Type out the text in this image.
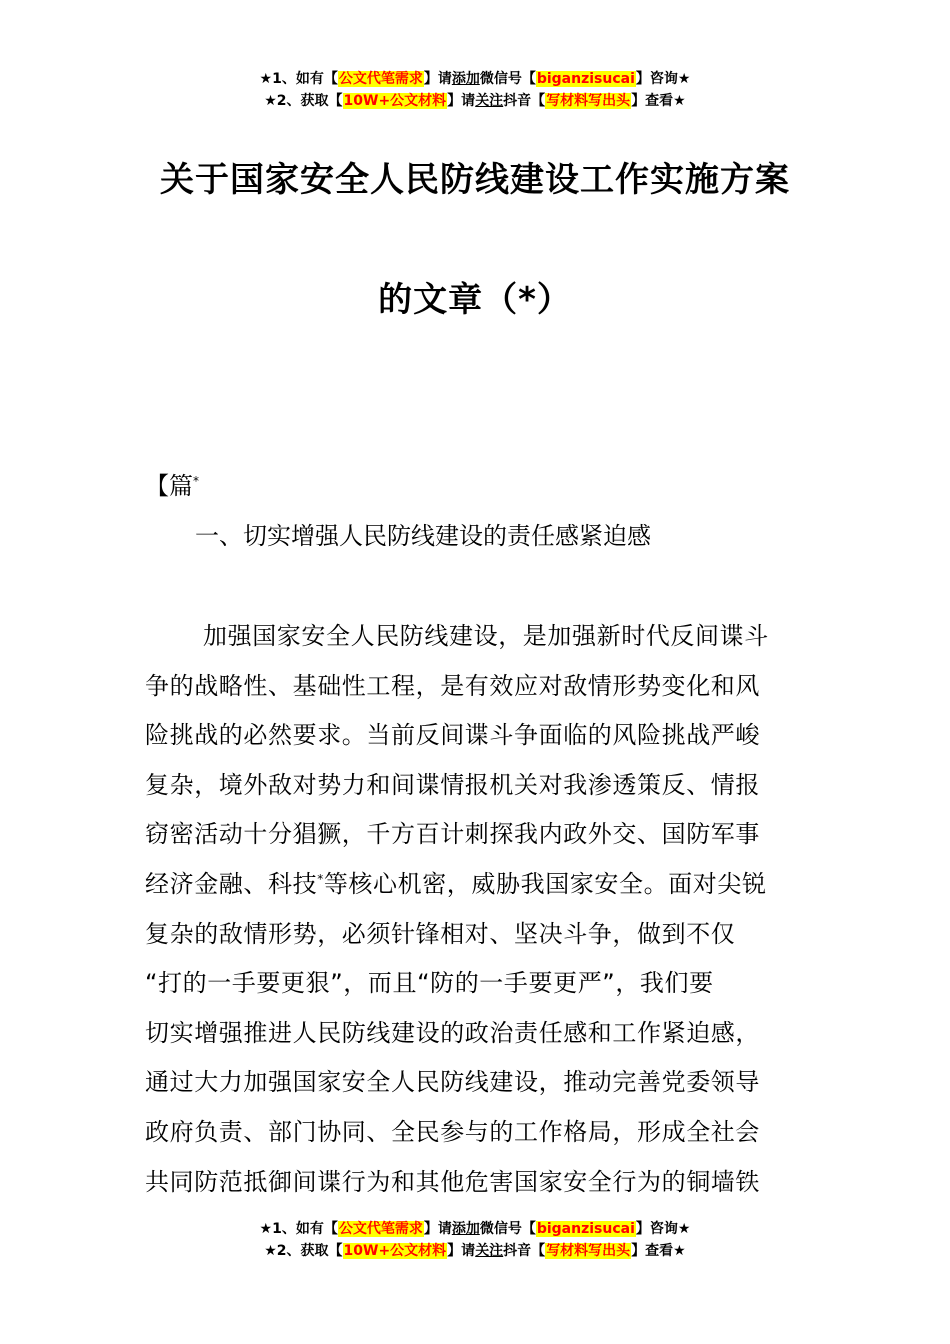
★1、如有【公文代笔需求】请添加微信号【biganzisucai】咨询★
★2、获取【10W+公文材料】请关注抖音【写材料写出头】查看★
关于国家安全人民防线建设工作实施方案
的文章（*）
【篇*
一、切实增强人民防线建设的责任感紧迫感
加强国家安全人民防线建设，是加强新时代反间谍斗
争的战略性、基础性工程，是有效应对敌情形势变化和风
险挑战的必然要求。当前反间谍斗争面临的风险挑战严峻
复杂，境外敌对势力和间谍情报机关对我渗透策反、情报
窃密活动十分猖獗，千方百计刺探我内政外交、国防军事
经济金融、科技*等核心机密，威胁我国家安全。面对尖锐
复杂的敌情形势，必须针锋相对、坚决斗争，做到不仅
“打的一手要更狠”，而且“防的一手要更严”，我们要
切实增强推进人民防线建设的政治责任感和工作紧迫感，
通过大力加强国家安全人民防线建设，推动完善党委领导
政府负责、部门协同、全民参与的工作格局，形成全社会
共同防范抵御间谍行为和其他危害国家安全行为的铜墙铁
★1、如有【公文代笔需求】请添加微信号【biganzisucai】咨询★
★2、获取【10W+公文材料】请关注抖音【写材料写出头】查看★
